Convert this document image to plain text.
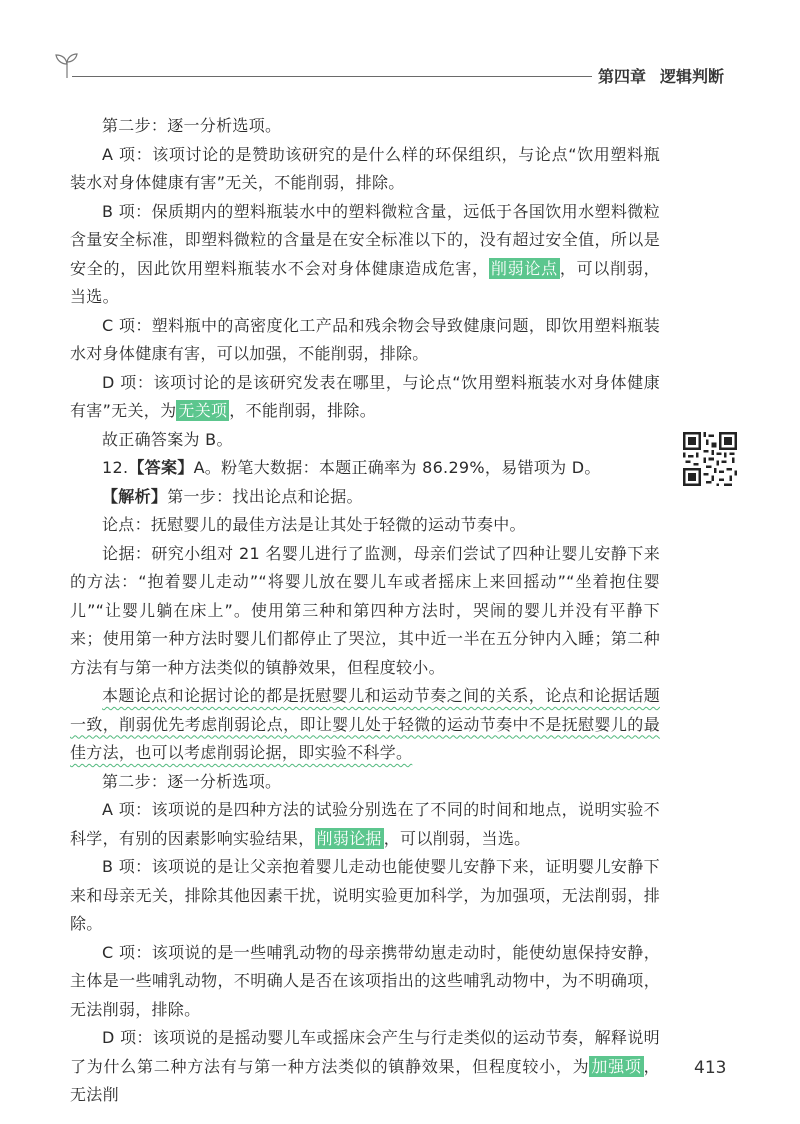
第四章 逻辑判断

第二步：逐一分析选项。

A 项：该项讨论的是赞助该研究的是什么样的环保组织，与论点“饮用塑料瓶装水对身体健康有害”无关，不能削弱，排除。

B 项：保质期内的塑料瓶装水中的塑料微粒含量，远低于各国饮用水塑料微粒含量安全标准，即塑料微粒的含量是在安全标准以下的，没有超过安全值，所以是安全的，因此饮用塑料瓶装水不会对身体健康造成危害， 削弱论点 ，可以削弱，当选。

C 项：塑料瓶中的高密度化工产品和残余物会导致健康问题，即饮用塑料瓶装水对身体健康有害，可以加强，不能削弱，排除。

D 项：该项讨论的是该研究发表在哪里，与论点“饮用塑料瓶装水对身体健康有害”无关，为 无关项 ，不能削弱，排除。

故正确答案为 B。

12.【答案】A。粉笔大数据：本题正确率为 86.29%，易错项为 D。

【解析】第一步：找出论点和论据。

论点：抚慰婴儿的最佳方法是让其处于轻微的运动节奏中。

论据：研究小组对 21 名婴儿进行了监测，母亲们尝试了四种让婴儿安静下来的方法：“抱着婴儿走动”“将婴儿放在婴儿车或者摇床上来回摇动”“坐着抱住婴儿”“让婴儿躺在床上”。使用第三种和第四种方法时，哭闹的婴儿并没有平静下来；使用第一种方法时婴儿们都停止了哭泣，其中近一半在五分钟内入睡；第二种方法有与第一种方法类似的镇静效果，但程度较小。

本题论点和论据讨论的都是抚慰婴儿和运动节奏之间的关系，论点和论据话题一致，削弱优先考虑削弱论点，即让婴儿处于轻微的运动节奏中不是抚慰婴儿的最佳方法，也可以考虑削弱论据，即实验不科学。

第二步：逐一分析选项。

A 项：该项说的是四种方法的试验分别选在了不同的时间和地点，说明实验不科学，有别的因素影响实验结果， 削弱论据 ，可以削弱，当选。

B 项：该项说的是让父亲抱着婴儿走动也能使婴儿安静下来，证明婴儿安静下来和母亲无关，排除其他因素干扰，说明实验更加科学，为加强项，无法削弱，排除。

C 项：该项说的是一些哺乳动物的母亲携带幼崽走动时，能使幼崽保持安静，主体是一些哺乳动物，不明确人是否在该项指出的这些哺乳动物中，为不明确项，无法削弱，排除。

D 项：该项说的是摇动婴儿车或摇床会产生与行走类似的运动节奏，解释说明了为什么第二种方法有与第一种方法类似的镇静效果，但程度较小，为 加强项 ，无法削

413
